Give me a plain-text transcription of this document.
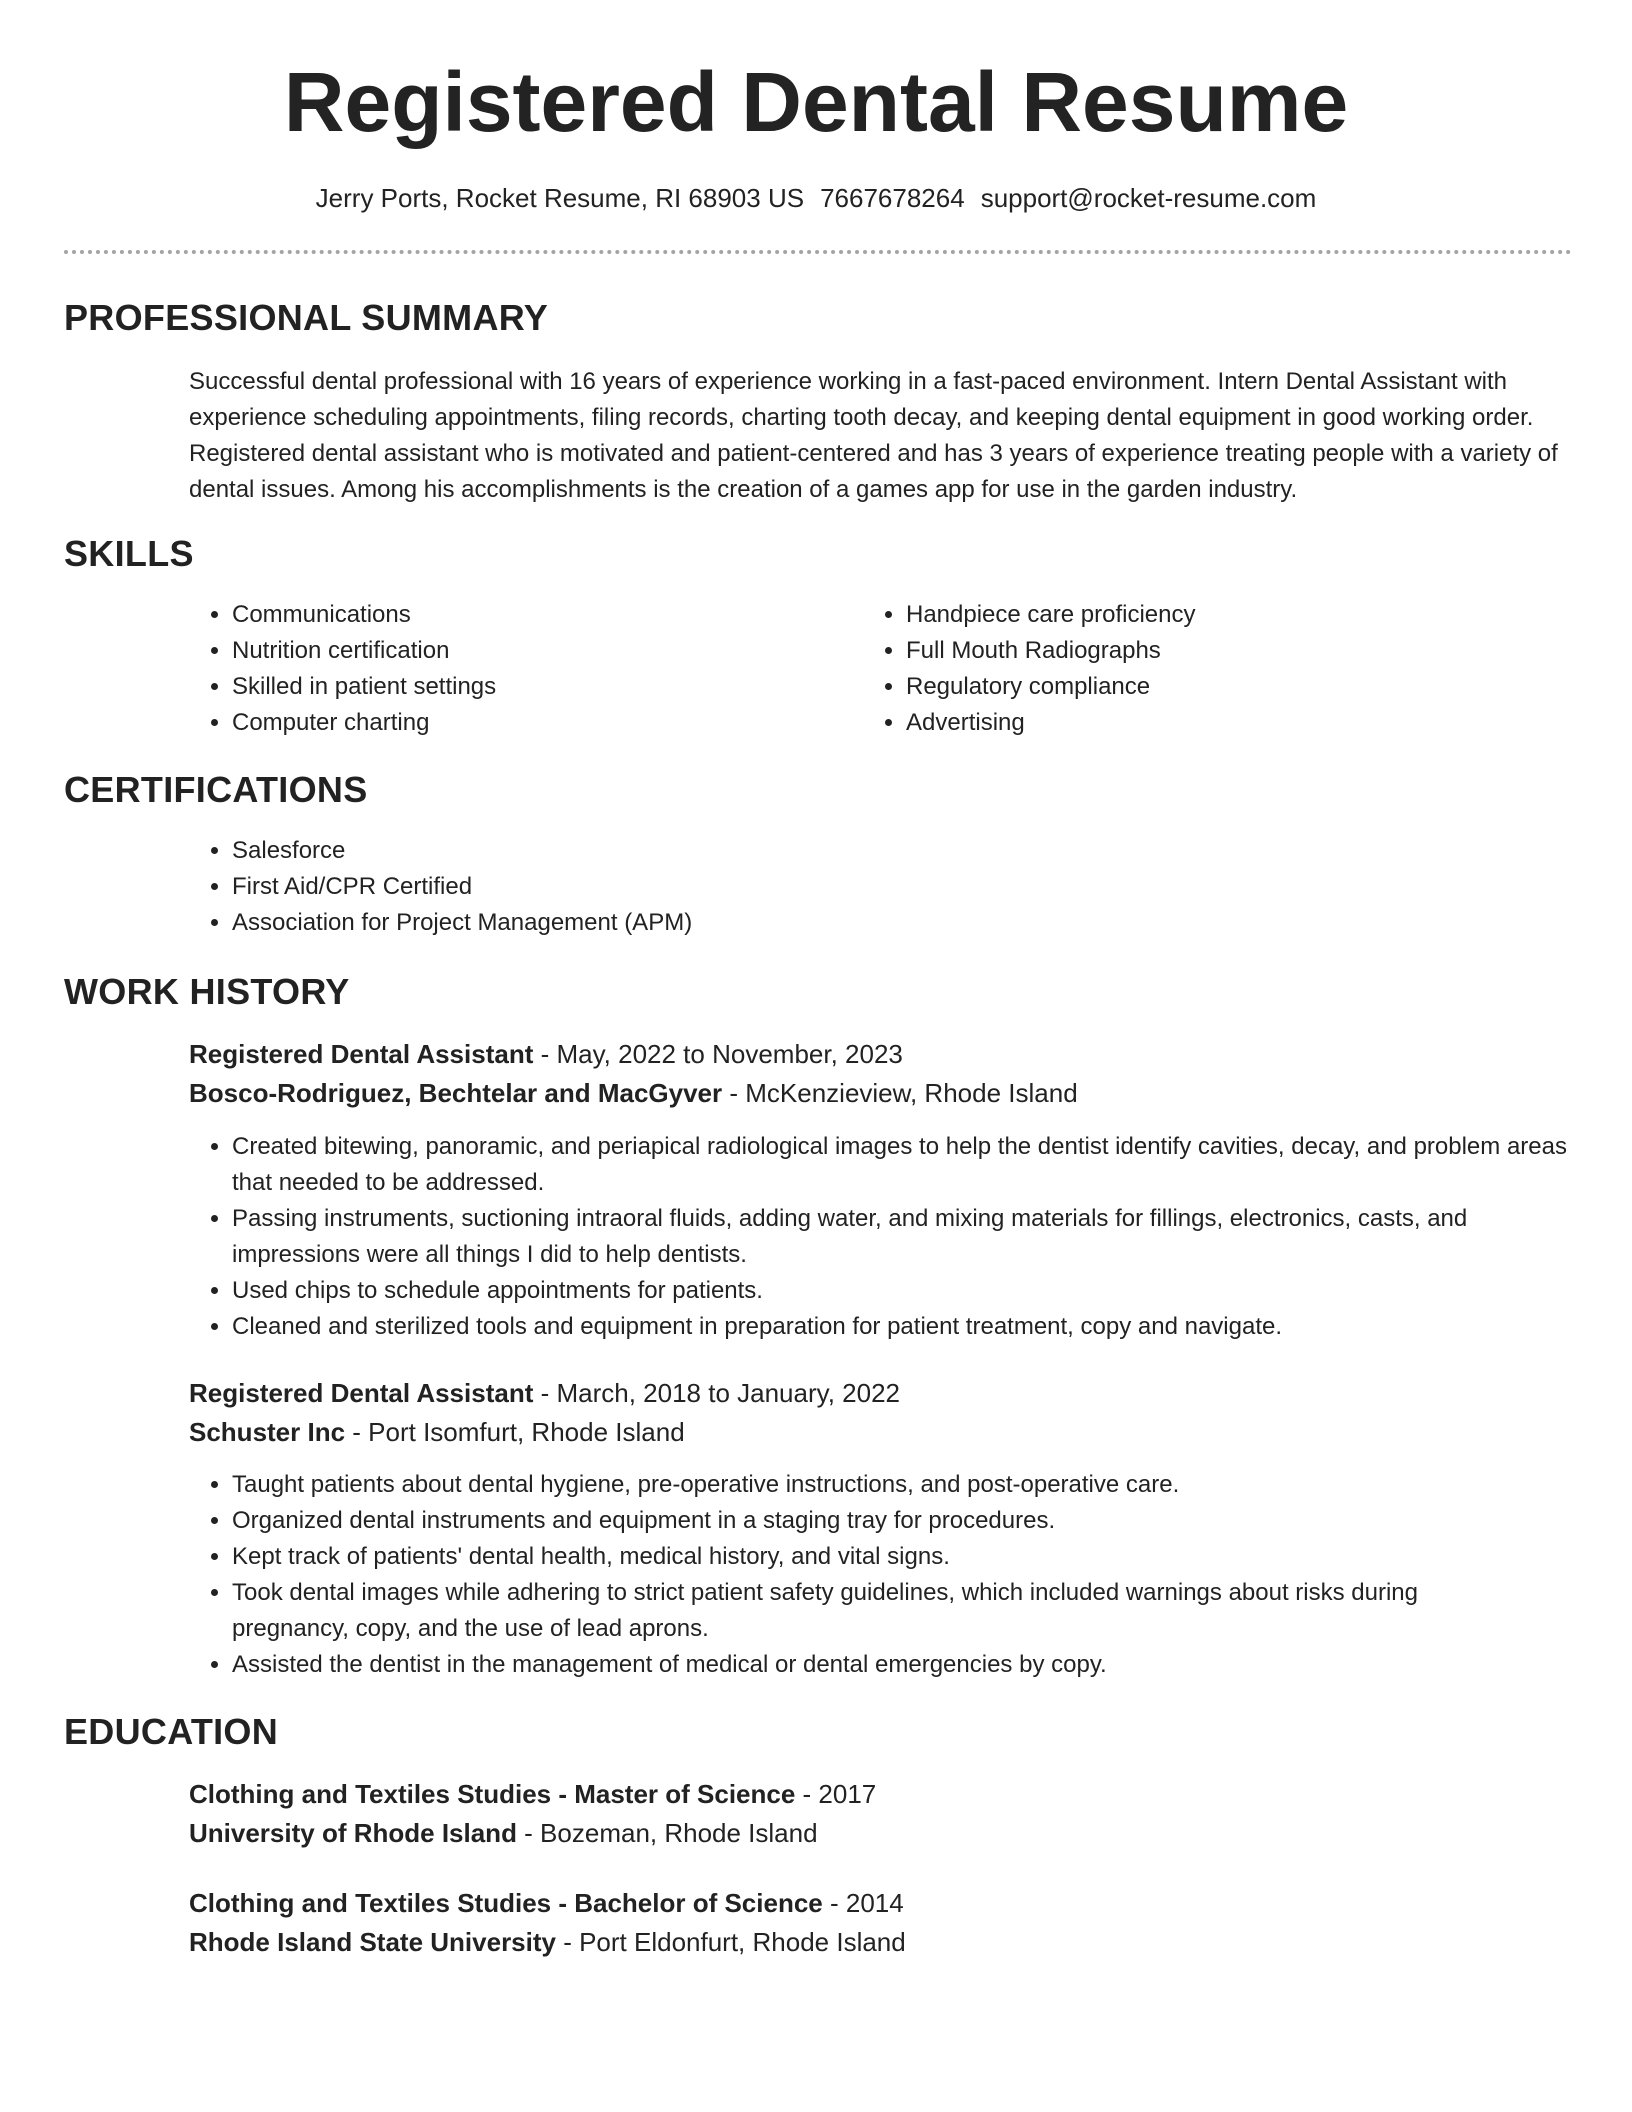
Registered Dental Resume
Jerry Ports, Rocket Resume, RI 68903 US 7667678264 support@rocket-resume.com
PROFESSIONAL SUMMARY

Successful dental professional with 16 years of experience working in a fast-paced environment. Intern Dental Assistant with experience scheduling appointments, filing records, charting tooth decay, and keeping dental equipment in good working order. Registered dental assistant who is motivated and patient-centered and has 3 years of experience treating people with a variety of dental issues. Among his accomplishments is the creation of a games app for use in the garden industry.

SKILLS
• Communications
• Nutrition certification
• Skilled in patient settings
• Computer charting
• Handpiece care proficiency
• Full Mouth Radiographs
• Regulatory compliance
• Advertising
CERTIFICATIONS
• Salesforce
• First Aid/CPR Certified
• Association for Project Management (APM)
WORK HISTORY

Registered Dental Assistant - May, 2022 to November, 2023

Bosco-Rodriguez, Bechtelar and MacGyver - McKenzieview, Rhode Island

• Created bitewing, panoramic, and periapical radiological images to help the dentist identify cavities, decay, and problem areas that needed to be addressed.
• Passing instruments, suctioning intraoral fluids, adding water, and mixing materials for fillings, electronics, casts, and impressions were all things I did to help dentists.
• Used chips to schedule appointments for patients.
• Cleaned and sterilized tools and equipment in preparation for patient treatment, copy and navigate.

Registered Dental Assistant - March, 2018 to January, 2022

Schuster Inc - Port Isomfurt, Rhode Island

• Taught patients about dental hygiene, pre-operative instructions, and post-operative care.
• Organized dental instruments and equipment in a staging tray for procedures.
• Kept track of patients' dental health, medical history, and vital signs.
• Took dental images while adhering to strict patient safety guidelines, which included warnings about risks during pregnancy, copy, and the use of lead aprons.
• Assisted the dentist in the management of medical or dental emergencies by copy.
EDUCATION

Clothing and Textiles Studies - Master of Science - 2017

University of Rhode Island - Bozeman, Rhode Island

Clothing and Textiles Studies - Bachelor of Science - 2014

Rhode Island State University - Port Eldonfurt, Rhode Island
